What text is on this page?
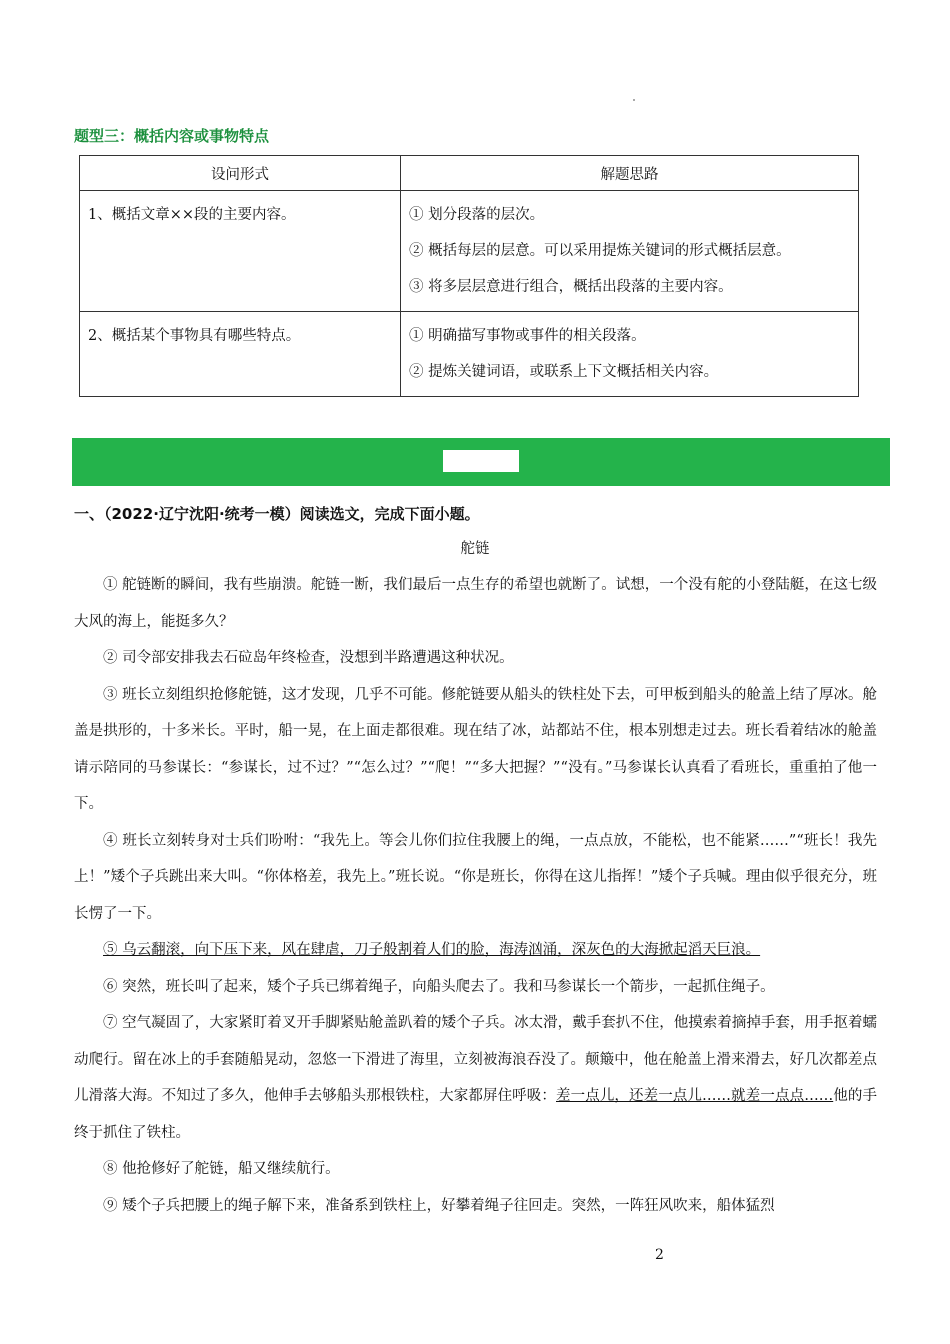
题型三：概括内容或事物特点
设问形式	解题思路
1、概括文章××段的主要内容。	① 划分段落的层次。
② 概括每层的层意。可以采用提炼关键词的形式概括层意。
③ 将多层层意进行组合，概括出段落的主要内容。

2、概括某个事物具有哪些特点。	① 明确描写事物或事件的相关段落。
② 提炼关键词语，或联系上下文概括相关内容。
一、（2022·辽宁沈阳·统考一模）阅读选文，完成下面小题。
舵链

① 舵链断的瞬间，我有些崩溃。舵链一断，我们最后一点生存的希望也就断了。试想，一个没有舵的小登陆艇，在这七级大风的海上，能挺多久？

② 司令部安排我去石砬岛年终检查，没想到半路遭遇这种状况。

③ 班长立刻组织抢修舵链，这才发现，几乎不可能。修舵链要从船头的铁柱处下去，可甲板到船头的舱盖上结了厚冰。舱盖是拱形的，十多米长。平时，船一晃，在上面走都很难。现在结了冰，站都站不住，根本别想走过去。班长看着结冰的舱盖请示陪同的马参谋长：“参谋长，过不过？”“怎么过？”“爬！”“多大把握？”“没有。”马参谋长认真看了看班长，重重拍了他一下。

④ 班长立刻转身对士兵们吩咐：“我先上。等会儿你们拉住我腰上的绳，一点点放，不能松，也不能紧……”“班长！我先上！”矮个子兵跳出来大叫。“你体格差，我先上。”班长说。“你是班长，你得在这儿指挥！”矮个子兵喊。理由似乎很充分，班长愣了一下。

⑤ 乌云翻滚，向下压下来，风在肆虐，刀子般割着人们的脸，海涛汹涌，深灰色的大海掀起滔天巨浪。

⑥ 突然，班长叫了起来，矮个子兵已绑着绳子，向船头爬去了。我和马参谋长一个箭步，一起抓住绳子。

⑦ 空气凝固了，大家紧盯着叉开手脚紧贴舱盖趴着的矮个子兵。冰太滑，戴手套扒不住，他摸索着摘掉手套，用手抠着蠕动爬行。留在冰上的手套随船晃动，忽悠一下滑进了海里，立刻被海浪吞没了。颠簸中，他在舱盖上滑来滑去，好几次都差点儿滑落大海。不知过了多久，他伸手去够船头那根铁柱，大家都屏住呼吸：差一点儿，还差一点儿……就差一点点……他的手终于抓住了铁柱。

⑧ 他抢修好了舵链，船又继续航行。

⑨ 矮个子兵把腰上的绳子解下来，准备系到铁柱上，好攀着绳子往回走。突然，一阵狂风吹来，船体猛烈

2
